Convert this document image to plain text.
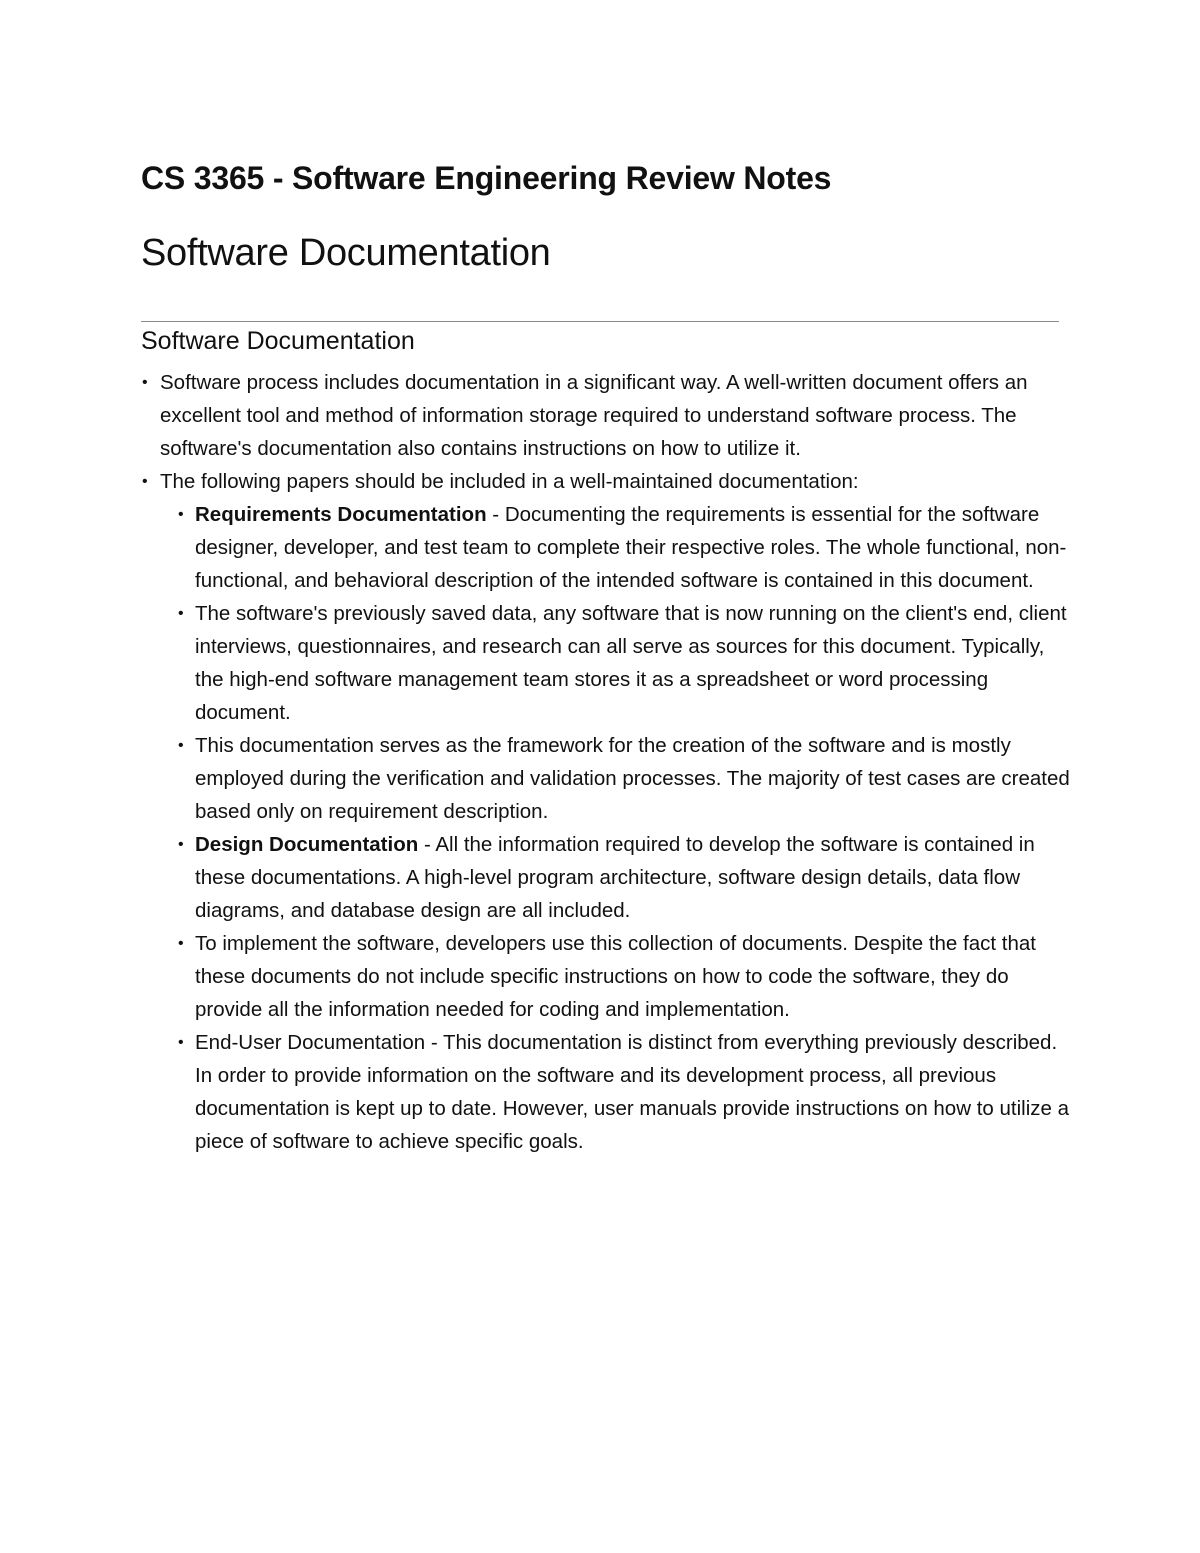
CS 3365 - Software Engineering Review Notes
Software Documentation
Software Documentation
• Software process includes documentation in a significant way. A well-written document offers an excellent tool and method of information storage required to understand software process. The software's documentation also contains instructions on how to utilize it.
• The following papers should be included in a well-maintained documentation:
• Requirements Documentation - Documenting the requirements is essential for the software designer, developer, and test team to complete their respective roles. The whole functional, non-functional, and behavioral description of the intended software is contained in this document.
• The software's previously saved data, any software that is now running on the client's end, client interviews, questionnaires, and research can all serve as sources for this document. Typically, the high-end software management team stores it as a spreadsheet or word processing document.
• This documentation serves as the framework for the creation of the software and is mostly employed during the verification and validation processes. The majority of test cases are created based only on requirement description.
• Design Documentation - All the information required to develop the software is contained in these documentations. A high-level program architecture, software design details, data flow diagrams, and database design are all included.
• To implement the software, developers use this collection of documents. Despite the fact that these documents do not include specific instructions on how to code the software, they do provide all the information needed for coding and implementation.
• End-User Documentation - This documentation is distinct from everything previously described. In order to provide information on the software and its development process, all previous documentation is kept up to date. However, user manuals provide instructions on how to utilize a piece of software to achieve specific goals.
